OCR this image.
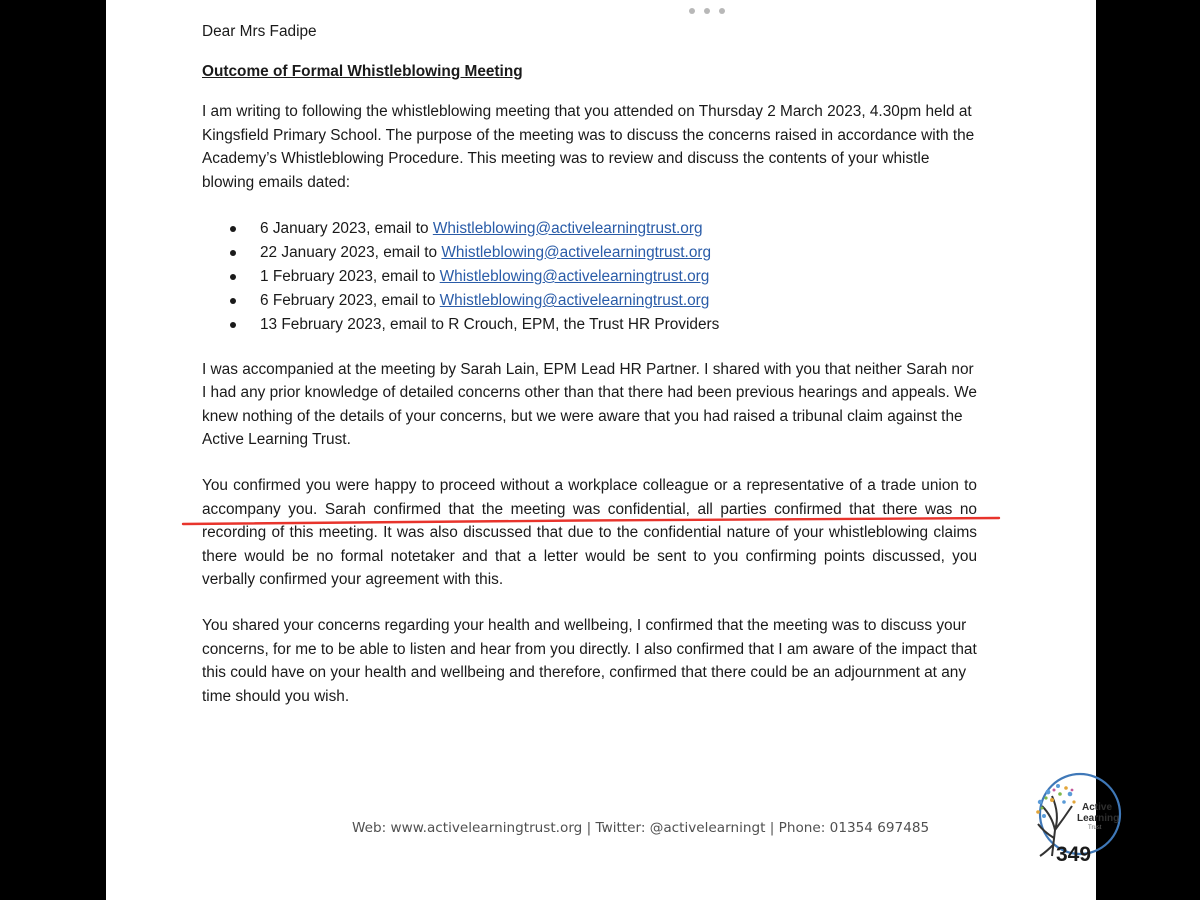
Dear Mrs Fadipe

Outcome of Formal Whistleblowing Meeting

I am writing to following the whistleblowing meeting that you attended on Thursday 2 March 2023, 4.30pm held at Kingsfield Primary School. The purpose of the meeting was to discuss the concerns raised in accordance with the Academy’s Whistleblowing Procedure. This meeting was to review and discuss the contents of your whistle blowing emails dated:

6 January 2023, email to Whistleblowing@activelearningtrust.org
22 January 2023, email to Whistleblowing@activelearningtrust.org
1 February 2023, email to Whistleblowing@activelearningtrust.org
6 February 2023, email to Whistleblowing@activelearningtrust.org
13 February 2023, email to R Crouch, EPM, the Trust HR Providers

I was accompanied at the meeting by Sarah Lain, EPM Lead HR Partner. I shared with you that neither Sarah nor I had any prior knowledge of detailed concerns other than that there had been previous hearings and appeals. We knew nothing of the details of your concerns, but we were aware that you had raised a tribunal claim against the Active Learning Trust.

You confirmed you were happy to proceed without a workplace colleague or a representative of a trade union to accompany you. Sarah confirmed that the meeting was confidential, all parties confirmed that there was no recording of this meeting. It was also discussed that due to the confidential nature of your whistleblowing claims there would be no formal notetaker and that a letter would be sent to you confirming points discussed, you verbally confirmed your agreement with this.

You shared your concerns regarding your health and wellbeing, I confirmed that the meeting was to discuss your concerns, for me to be able to listen and hear from you directly. I also confirmed that I am aware of the impact that this could have on your health and wellbeing and therefore, confirmed that there could be an adjournment at any time should you wish.

Web: www.activelearningtrust.org | Twitter: @activelearningt | Phone: 01354 697485
Active
Learning
Trust
349
